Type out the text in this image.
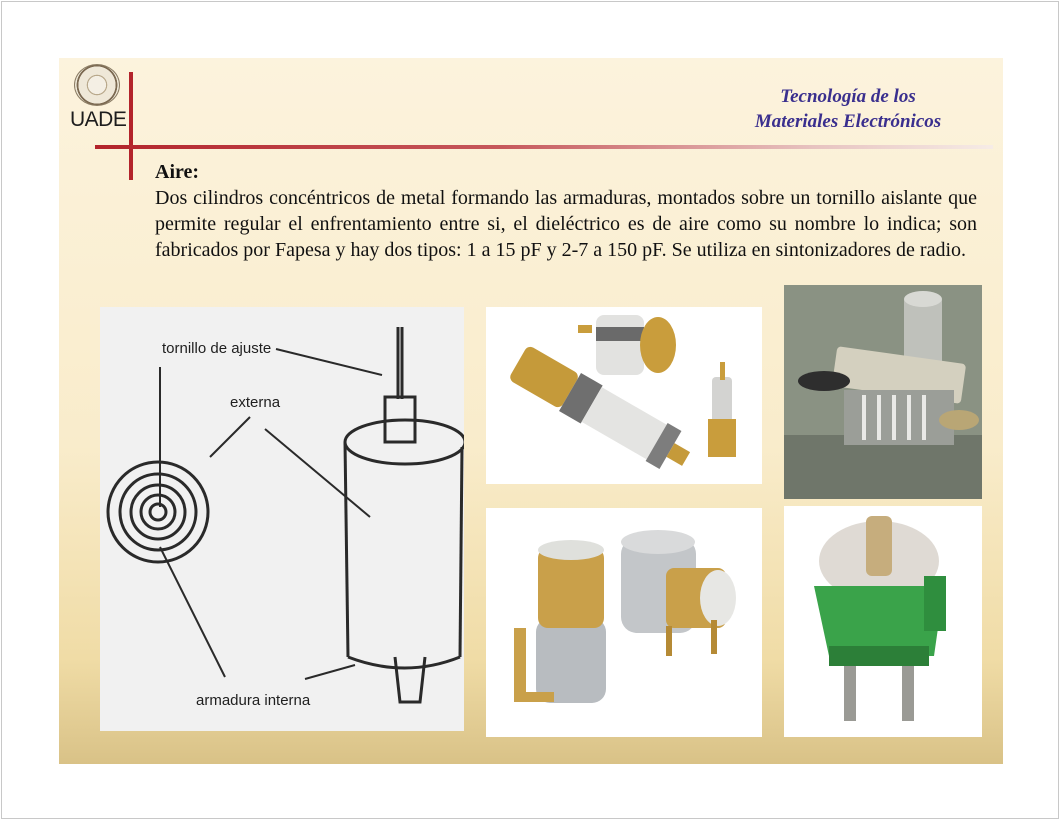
UADE
Tecnología de los
Materiales Electrónicos
Aire:

Dos cilindros concéntricos de metal formando las armaduras, montados sobre un tornillo aislante que permite regular el enfrentamiento entre si, el dieléctrico es de aire como su nombre lo indica; son fabricados por Fapesa y hay dos tipos: 1 a 15 pF y 2-7 a 150 pF. Se utiliza en sintonizadores de radio.

tornillo de ajuste
externa
armadura interna
